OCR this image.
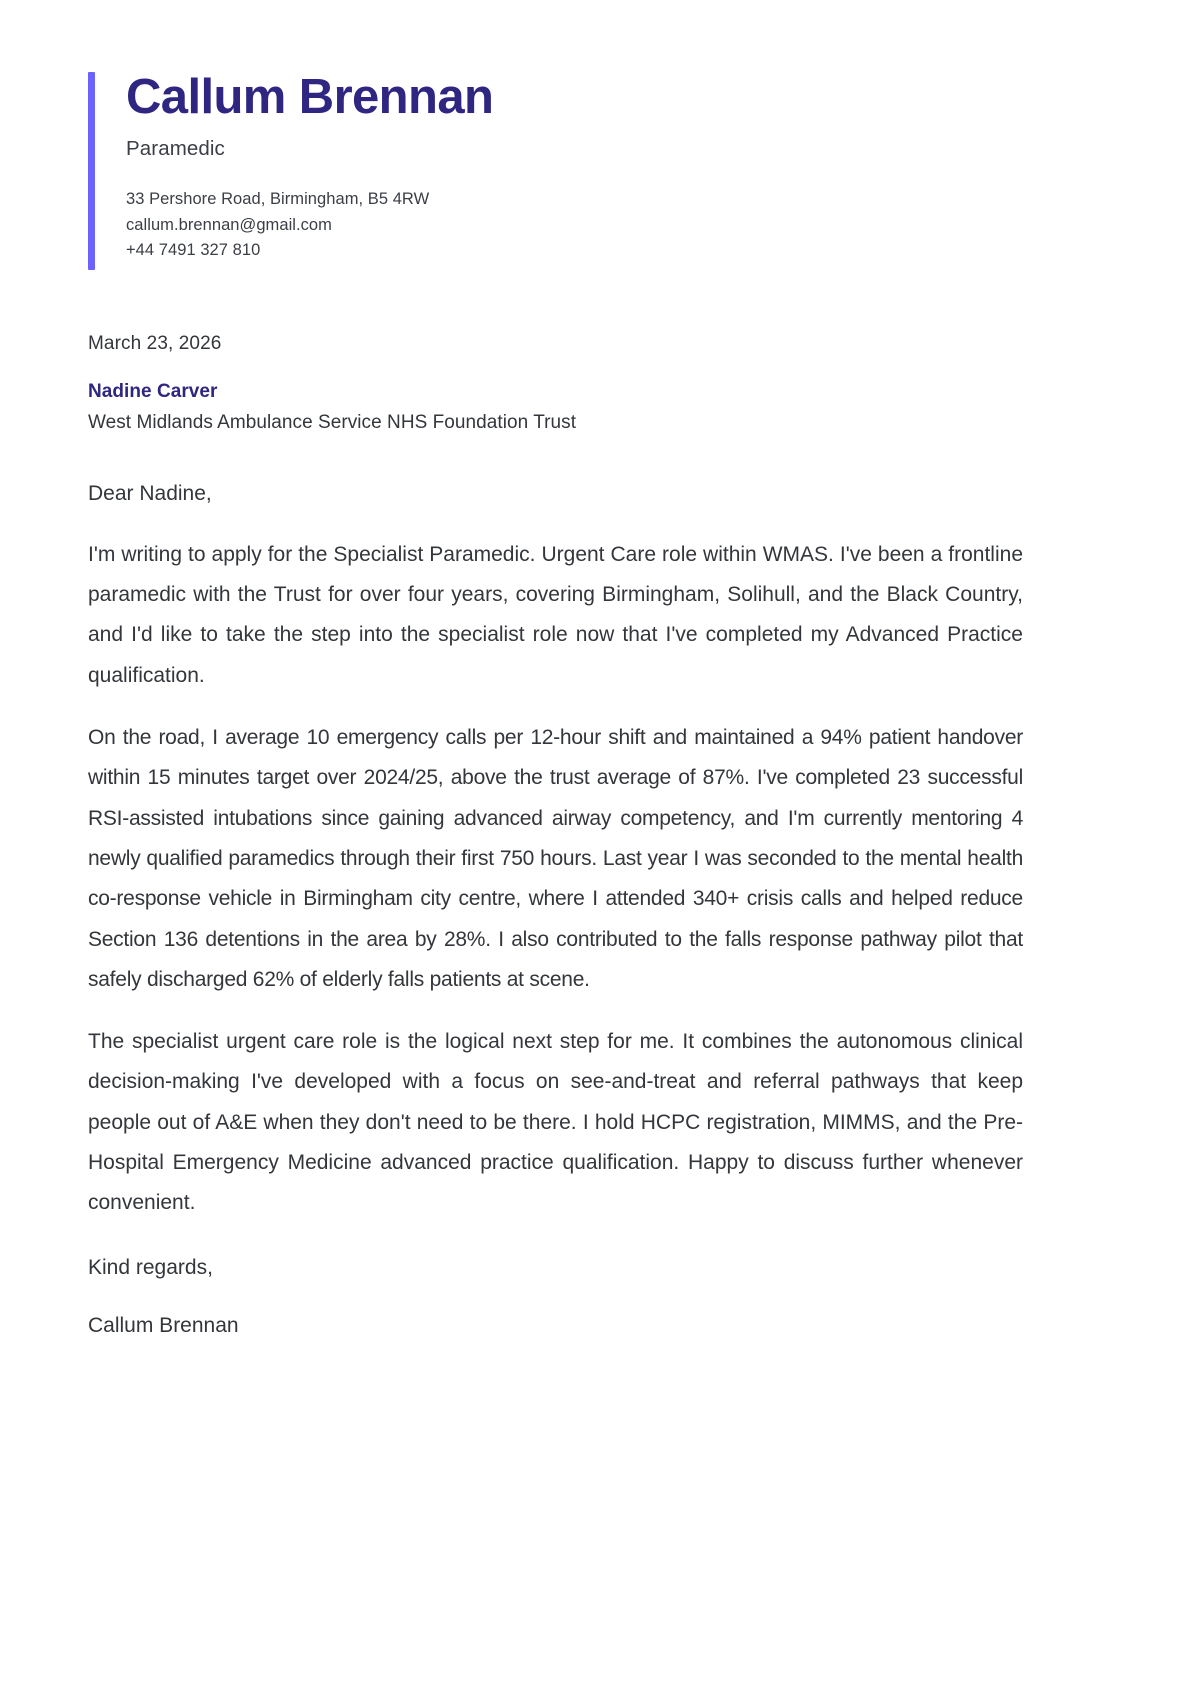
Callum Brennan
Paramedic
33 Pershore Road, Birmingham, B5 4RW
callum.brennan@gmail.com
+44 7491 327 810
March 23, 2026
Nadine Carver
West Midlands Ambulance Service NHS Foundation Trust
Dear Nadine,

I'm writing to apply for the Specialist Paramedic. Urgent Care role within WMAS. I've been a frontline paramedic with the Trust for over four years, covering Birmingham, Solihull, and the Black Country, and I'd like to take the step into the specialist role now that I've completed my Advanced Practice qualification.

On the road, I average 10 emergency calls per 12-hour shift and maintained a 94% patient handover within 15 minutes target over 2024/25, above the trust average of 87%. I've completed 23 successful RSI-assisted intubations since gaining advanced airway competency, and I'm currently mentoring 4 newly qualified paramedics through their first 750 hours. Last year I was seconded to the mental health co-response vehicle in Birmingham city centre, where I attended 340+ crisis calls and helped reduce Section 136 detentions in the area by 28%. I also contributed to the falls response pathway pilot that safely discharged 62% of elderly falls patients at scene.

The specialist urgent care role is the logical next step for me. It combines the autonomous clinical decision-making I've developed with a focus on see-and-treat and referral pathways that keep people out of A&E when they don't need to be there. I hold HCPC registration, MIMMS, and the Pre-Hospital Emergency Medicine advanced practice qualification. Happy to discuss further whenever convenient.

Kind regards,
Callum Brennan
